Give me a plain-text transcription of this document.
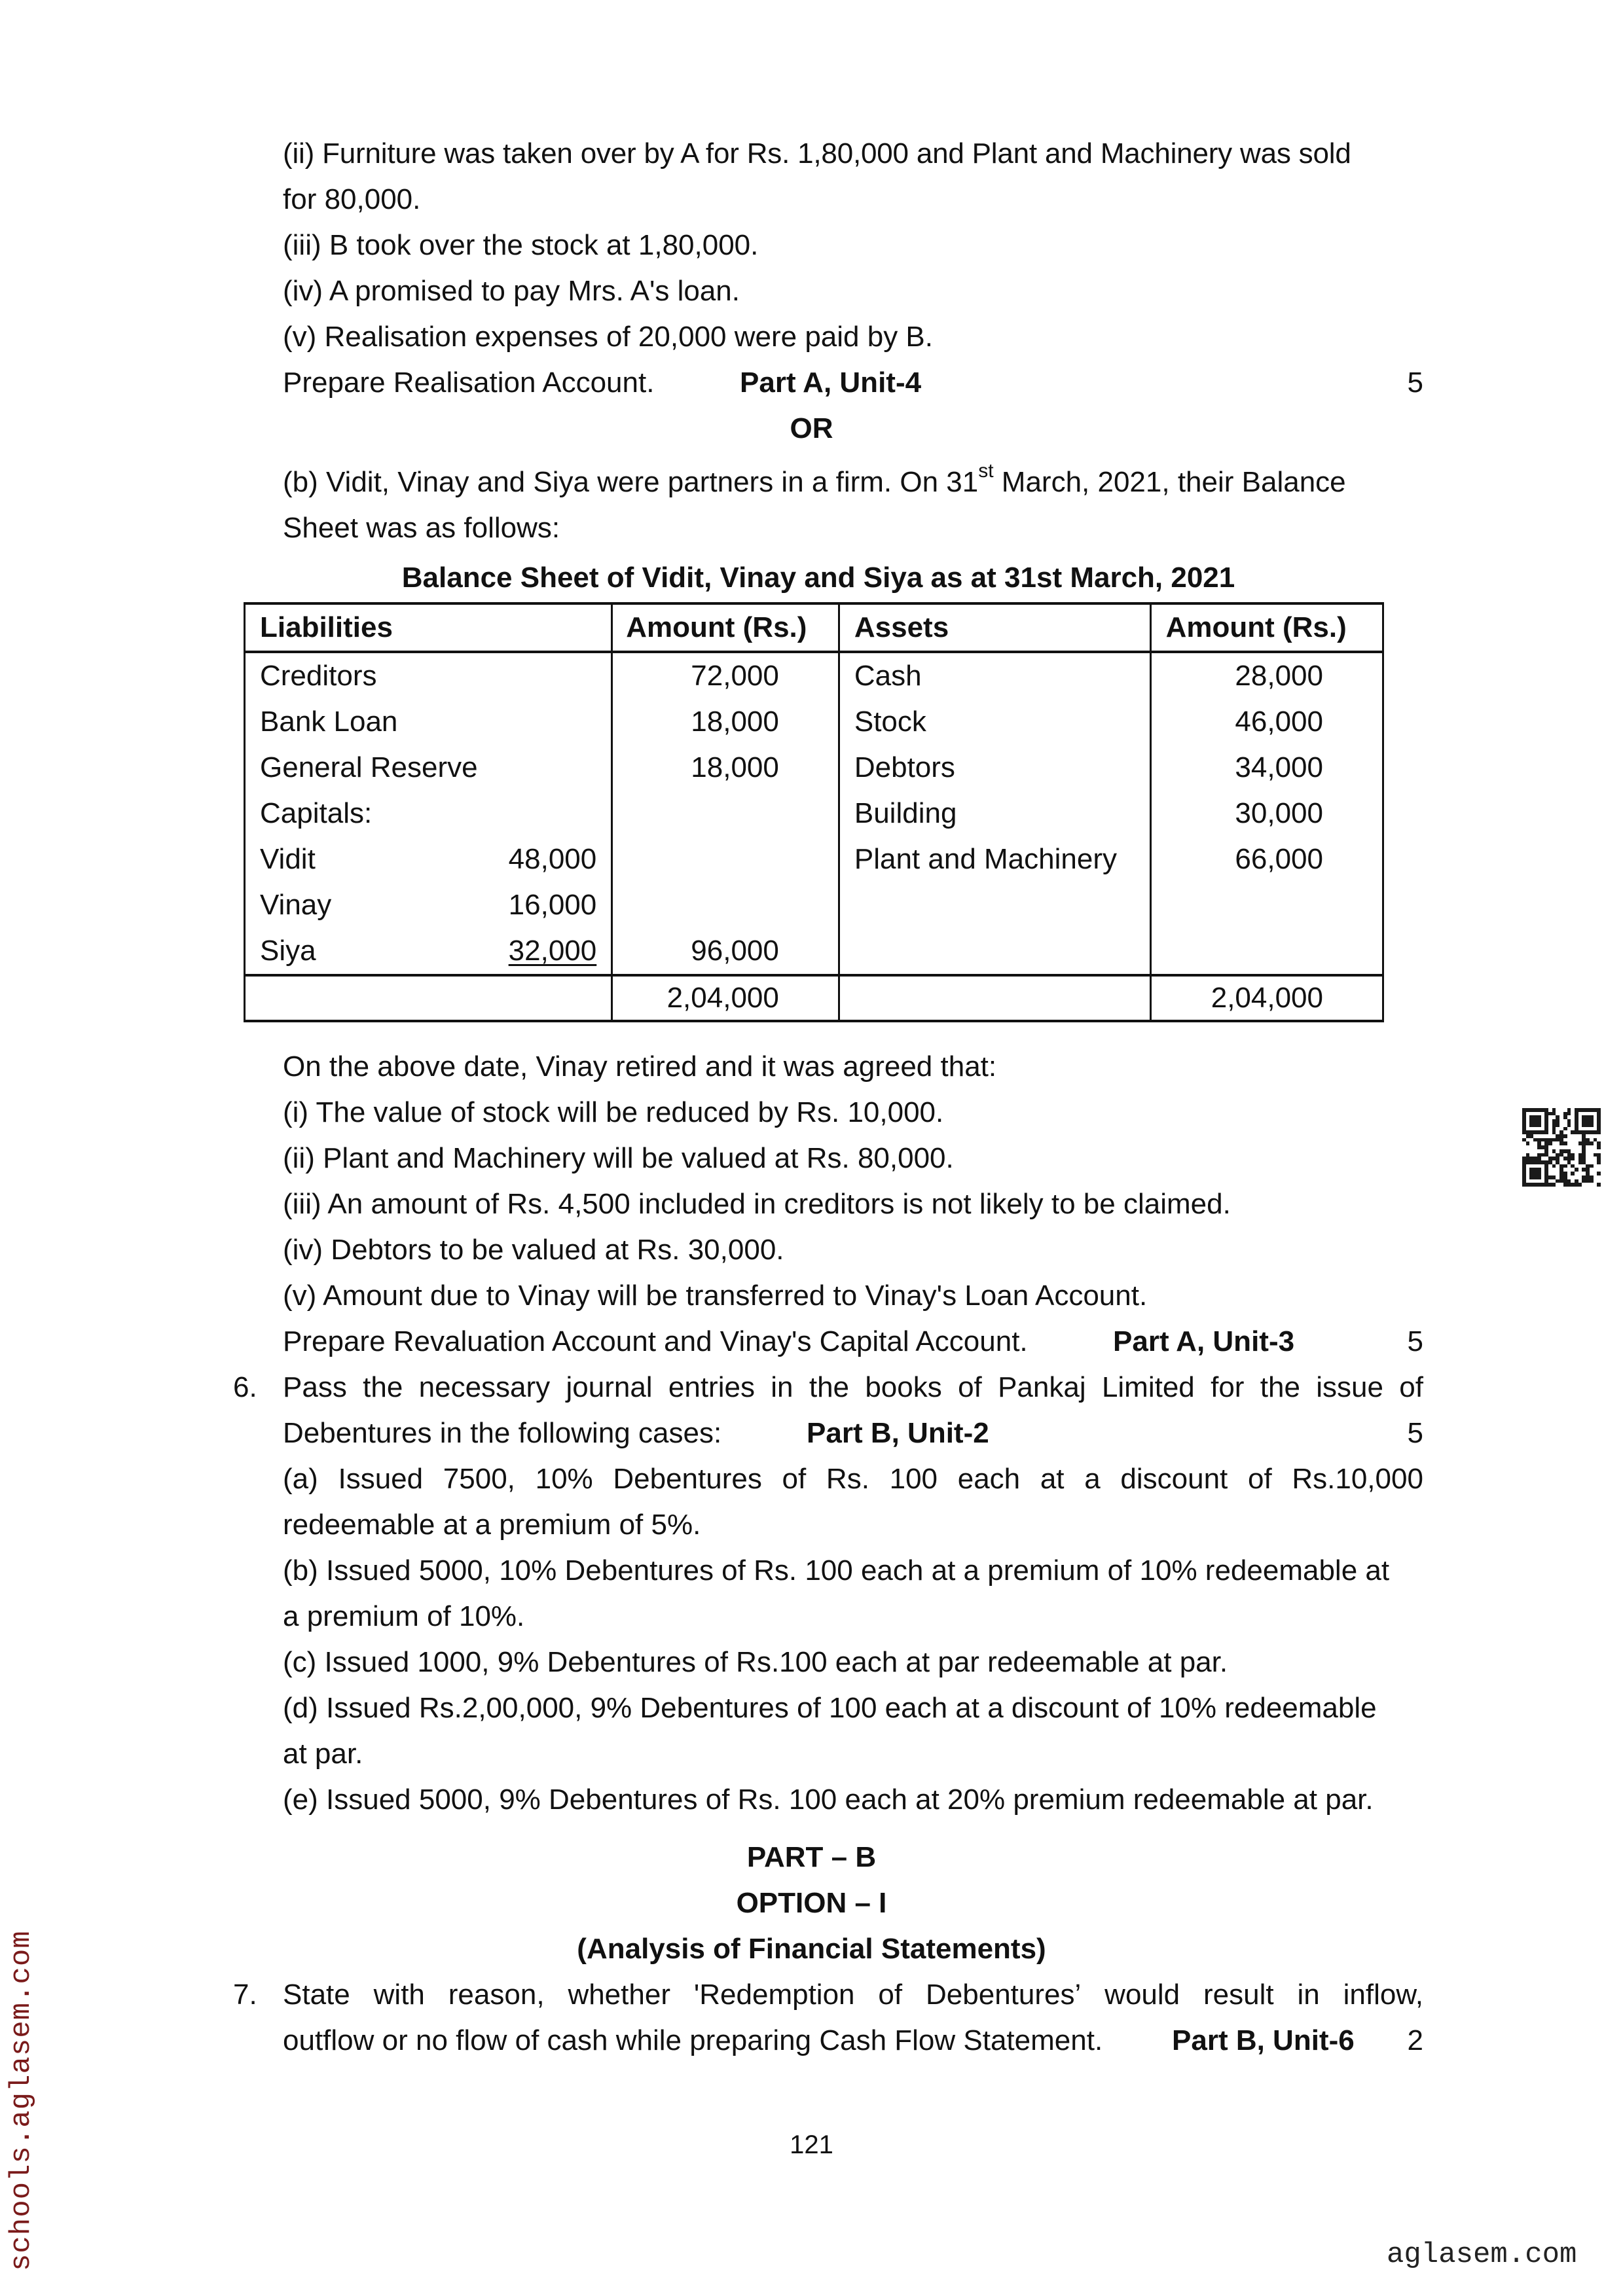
(ii) Furniture was taken over by A for Rs. 1,80,000 and Plant and Machinery was sold
for 80,000.
(iii) B took over the stock at 1,80,000.
(iv) A promised to pay Mrs. A's loan.
(v) Realisation expenses of 20,000 were paid by B.
Prepare Realisation Account.	Part A, Unit-4	5
OR
(b) Vidit, Vinay and Siya were partners in a firm. On 31st March, 2021, their Balance
Sheet was as follows:
Balance Sheet of Vidit, Vinay and Siya as at 31st March, 2021
Liabilities	Amount (Rs.)	Assets	Amount (Rs.)

Creditors	72,000	Cash	28,000

Bank Loan	18,000	Stock	46,000

General Reserve	18,000	Debtors	34,000

Capitals:		Building	30,000

Vidit 48,000		Plant and Machinery	66,000

Vinay 16,000			

Siya 32,000	96,000		
	2,04,000		2,04,000
On the above date, Vinay retired and it was agreed that:
(i) The value of stock will be reduced by Rs. 10,000.
(ii) Plant and Machinery will be valued at Rs. 80,000.
(iii) An amount of Rs. 4,500 included in creditors is not likely to be claimed.
(iv) Debtors to be valued at Rs. 30,000.
(v) Amount due to Vinay will be transferred to Vinay's Loan Account.
Prepare Revaluation Account and Vinay's Capital Account.	Part A, Unit-3	5
6. Pass the necessary journal entries in the books of Pankaj Limited for the issue of
Debentures in the following cases:	Part B, Unit-2	5
(a) Issued 7500, 10% Debentures of Rs. 100 each at a discount of Rs.10,000
redeemable at a premium of 5%.
(b) Issued 5000, 10% Debentures of Rs. 100 each at a premium of 10% redeemable at
a premium of 10%.
(c) Issued 1000, 9% Debentures of Rs.100 each at par redeemable at par.
(d) Issued Rs.2,00,000, 9% Debentures of 100 each at a discount of 10% redeemable
at par.
(e) Issued 5000, 9% Debentures of Rs. 100 each at 20% premium redeemable at par.
PART – B
OPTION – I
(Analysis of Financial Statements)
7. State with reason, whether 'Redemption of Debentures’ would result in inflow,
outflow or no flow of cash while preparing Cash Flow Statement. Part B, Unit-6	2
121
schools.aglasem.com	aglasem.com
